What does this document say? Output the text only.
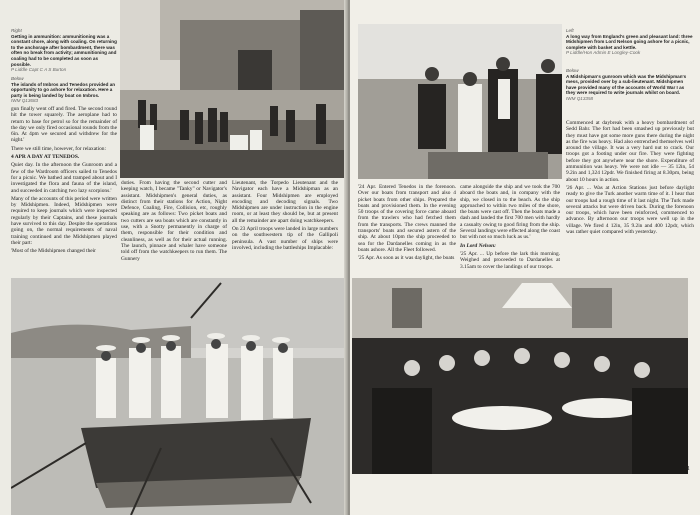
Right
Getting in ammunition: ammunitioning was a constant chore, along with coaling. On returning to the anchorage after bombardment, there was often no break from activity; ammunitioning and coaling had to be completed as soon as possible.
P Liddle Capt C A S Burton
Below
The islands of Imbros and Tenedos provided an opportunity to go ashore for relaxation. Here a party is being landed by boat on Imbros.
IWM Q13683

gun finally went off and fired. The second round hit the tower squarely. The aeroplane had to return to base for petrol so for the remainder of the day we only fired occasional rounds from the 6in. At 4pm we secured and withdrew for the night.'

There we still time, however, for relaxation:

4 APR A DAY AT TENEDOS.

Quiet day. In the afternoon the Gunroom and a few of the Wardroom officers sailed to Tenedos for a picnic. We bathed and tramped about and I investigated the flora and fauna of the island, and succeeded in catching two lazy scorpions.'

Many of the accounts of this period were written by Midshipmen. Indeed, Midshipmen were required to keep journals which were inspected regularly by their Captains, and these journals have survived to this day. Despite the operations going on, the normal requirements of naval training continued and the Midshipmen played their part:

'Most of the Midshipmen changed their

duties. From having the second cutter and keeping watch, I became "Tanky" or Navigator's assistant. Midshipmen's general duties, as distinct from their stations for Action, Night Defence, Coaling, Fire, Collision, etc, roughly speaking are as follows: Two picket boats and two cutters are sea boats which are constantly in use, with a Snotty permanently in charge of them, responsible for their condition and cleanliness, as well as for their actual running. The launch, pinnace and whaler have someone told off from the watchkeepers to run them. The Gunnery

Lieutenant, the Torpedo Lieutenant and the Navigator each have a Midshipman as an assistant. Four Midshipmen are employed encoding and decoding signals. Two Midshipmen are under instruction in the engine room, or at least they should be, but at present all the remainder are apart doing watchkeepers.

On 23 April troops were landed in large numbers on the southwestern tip of the Gallipoli peninsula. A vast number of ships were involved, including the battleships Implacable:

Left
A long way from England's green and pleasant land: three Midshipmen from Lord Nelson going ashore for a picnic, complete with basket and kettle.
P Liddle/Hon Admin E Longley-Cook
Below
A Midshipman's gunroom which was the Midshipman's mess, provided over by a sub-lieutenant. Midshipmen have provided many of the accounts of World War I as they were required to write journals whilst on board.
IWM Q13358

'24 Apr. Entered Tenedos in the forenoon. Over our boats from transport and also 4 picket boats from other ships. Prepared the boats and provisioned them. In the evening 50 troops of the covering force came aboard from the trawlers who had fetched them from the transports. The crews manned the transports' boats and secured astern of the ship. At about 10pm the ship proceeded to sea for the Dardanelles coming in as the boats ashore. All the Fleet followed.

'25 Apr. As soon as it was daylight, the boats

came alongside the ship and we took the 700 aboard the boats and, in company with the ship, we closed in to the beach. As the ship approached to within two miles of the shore, the boats were cast off. Then the boats made a dash and landed the first 700 men with hardly a casualty owing to good firing from the ship. Several landings were effected along the coast but with not so much luck as us.'

In Lord Nelson:

'25 Apr. ... Up before the lark this morning. Weighed and proceeded to Dardanelles at 3.15am to cover the landings of our troops.

Commenced at daybreak with a heavy bombardment of Sedd Bahr. The fort had been smashed up previously but they must have got some more guns there during the night as the fire was heavy. Had also entrenched themselves well around the village. It was a very hard nut to crack. Our troops got a footing under our fire. They were fighting before they got anywhere near the shore. Expenditure of ammunition was heavy. We were not idle — 35 12in, 54 9.2in and 1,324 12pdr. We finished firing at 8.30pm, being about 10 hours in action.

'26 Apr. ... Was at Action Stations just before daylight ready to give the Turk another warm time of it. I hear that our troops had a rough time of it last night. The Turk made several attacks but were driven back. During the forenoon our troops, which have been reinforced, commenced to advance. By afternoon our troops were well up in the village. We fired 4 12in, 35 9.2in and 400 12pdr, which was rather quiet compared with yesterday.

31
